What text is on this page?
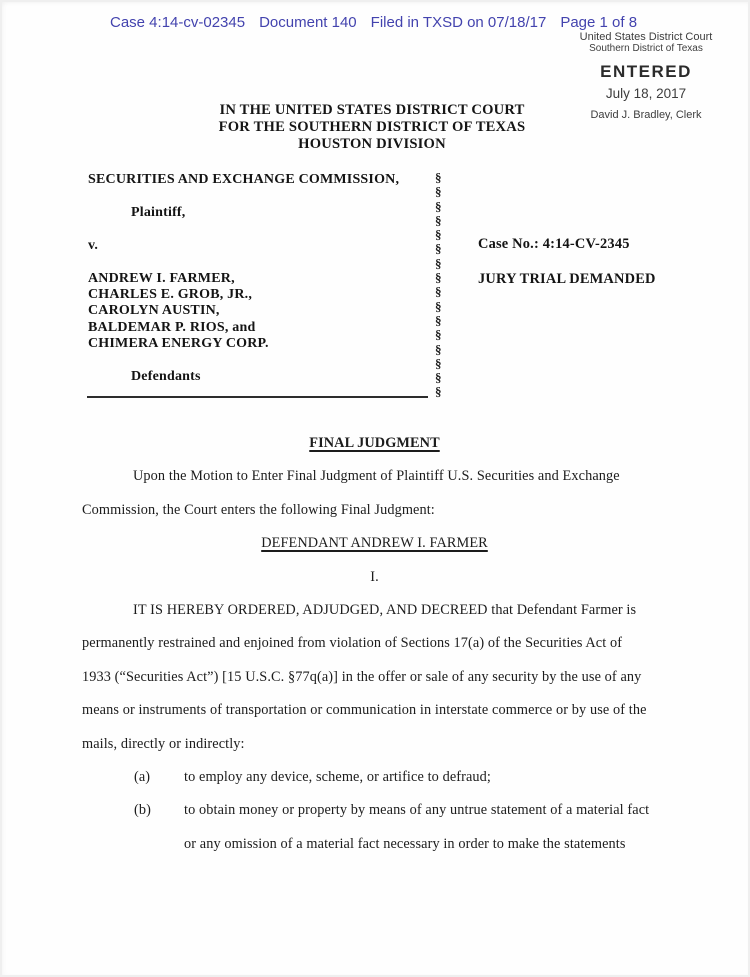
Case 4:14-cv-02345 Document 140 Filed in TXSD on 07/18/17 Page 1 of 8
United States District Court
Southern District of Texas
ENTERED
July 18, 2017
David J. Bradley, Clerk
IN THE UNITED STATES DISTRICT COURT
FOR THE SOUTHERN DISTRICT OF TEXAS
HOUSTON DIVISION
SECURITIES AND EXCHANGE COMMISSION,
Plaintiff,
v.
ANDREW I. FARMER,
CHARLES E. GROB, JR.,
CAROLYN AUSTIN,
BALDEMAR P. RIOS, and
CHIMERA ENERGY CORP.
Defendants
§
§
§
§
§
§
§
§
§
§
§
§
§
§
§
§
Case No.: 4:14-CV-2345
JURY TRIAL DEMANDED
FINAL JUDGMENT
Upon the Motion to Enter Final Judgment of Plaintiff U.S. Securities and Exchange
Commission, the Court enters the following Final Judgment:
DEFENDANT ANDREW I. FARMER
I.
IT IS HEREBY ORDERED, ADJUDGED, AND DECREED that Defendant Farmer is
permanently restrained and enjoined from violation of Sections 17(a) of the Securities Act of
1933 (“Securities Act”) [15 U.S.C. §77q(a)] in the offer or sale of any security by the use of any
means or instruments of transportation or communication in interstate commerce or by use of the
mails, directly or indirectly:
(a) to employ any device, scheme, or artifice to defraud;
(b) to obtain money or property by means of any untrue statement of a material fact
or any omission of a material fact necessary in order to make the statements
